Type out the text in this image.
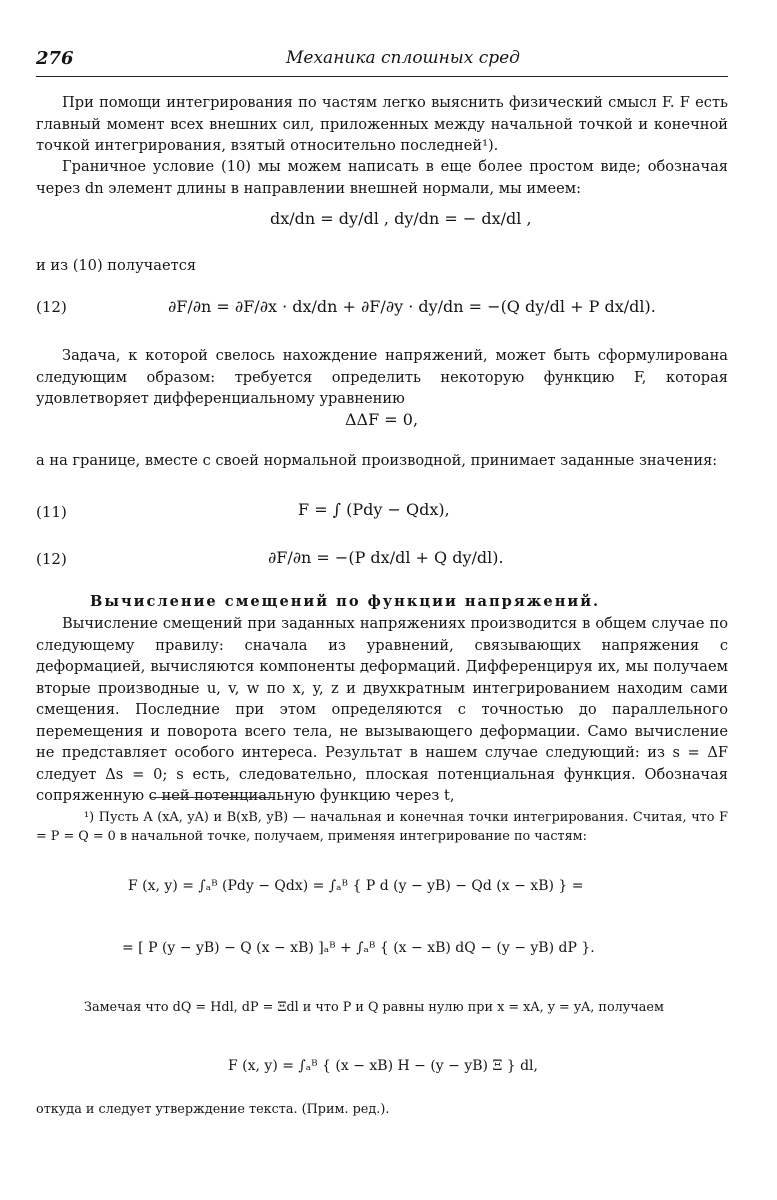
276	Механика сплошных сред
При помощи интегрирования по частям легко выяснить физический смысл F. F есть главный момент всех внешних сил, приложенных между начальной точкой и конечной точкой интегрирования, взятый относительно последней¹).
Граничное условие (10) мы можем написать в еще более простом виде; обозначая через dn элемент длины в направлении внешней нормали, мы имеем:
dx/dn = dy/dl , dy/dn = − dx/dl ,
и из (10) получается
(12)	∂F/∂n = ∂F/∂x · dx/dn + ∂F/∂y · dy/dn = −(Q dy/dl + P dx/dl).
Задача, к которой свелось нахождение напряжений, может быть сформулирована следующим образом: требуется определить некоторую функцию F, которая удовлетворяет дифференциальному уравнению
ΔΔF = 0,
а на границе, вместе с своей нормальной производной, принимает заданные значения:
(11)	F = ∫ (Pdy − Qdx),
(12)	∂F/∂n = −(P dx/dl + Q dy/dl).
Вычисление смещений по функции напряжений.
Вычисление смещений при заданных напряжениях производится в общем случае по следующему правилу: сначала из уравнений, связывающих напряжения с деформацией, вычисляются компоненты деформаций. Дифференцируя их, мы получаем вторые производные u, v, w по x, y, z и двухкратным интегрированием находим сами смещения. Последние при этом определяются с точностью до параллельного перемещения и поворота всего тела, не вызывающего деформации. Само вычисление не представляет особого интереса. Результат в нашем случае следующий: из s = ΔF следует Δs = 0; s есть, следовательно, плоская потенциальная функция. Обозначая сопряженную с ней потенциальную функцию через t,
¹) Пусть A (xA, yA) и B(xB, yB) — начальная и конечная точки интегрирования. Считая, что F = P = Q = 0 в начальной точке, получаем, применяя интегрирование по частям:
F (x, y) = ∫ₐᴮ (Pdy − Qdx) = ∫ₐᴮ { P d (y − yB) − Qd (x − xB) } =
= [ P (y − yB) − Q (x − xB) ]ₐᴮ + ∫ₐᴮ { (x − xB) dQ − (y − yB) dP }.
Замечая что dQ = Hdl, dP = Ξdl и что P и Q равны нулю при x = xA, y = yA, получаем
F (x, y) = ∫ₐᴮ { (x − xB) H − (y − yB) Ξ } dl,
откуда и следует утверждение текста. (Прим. ред.).
